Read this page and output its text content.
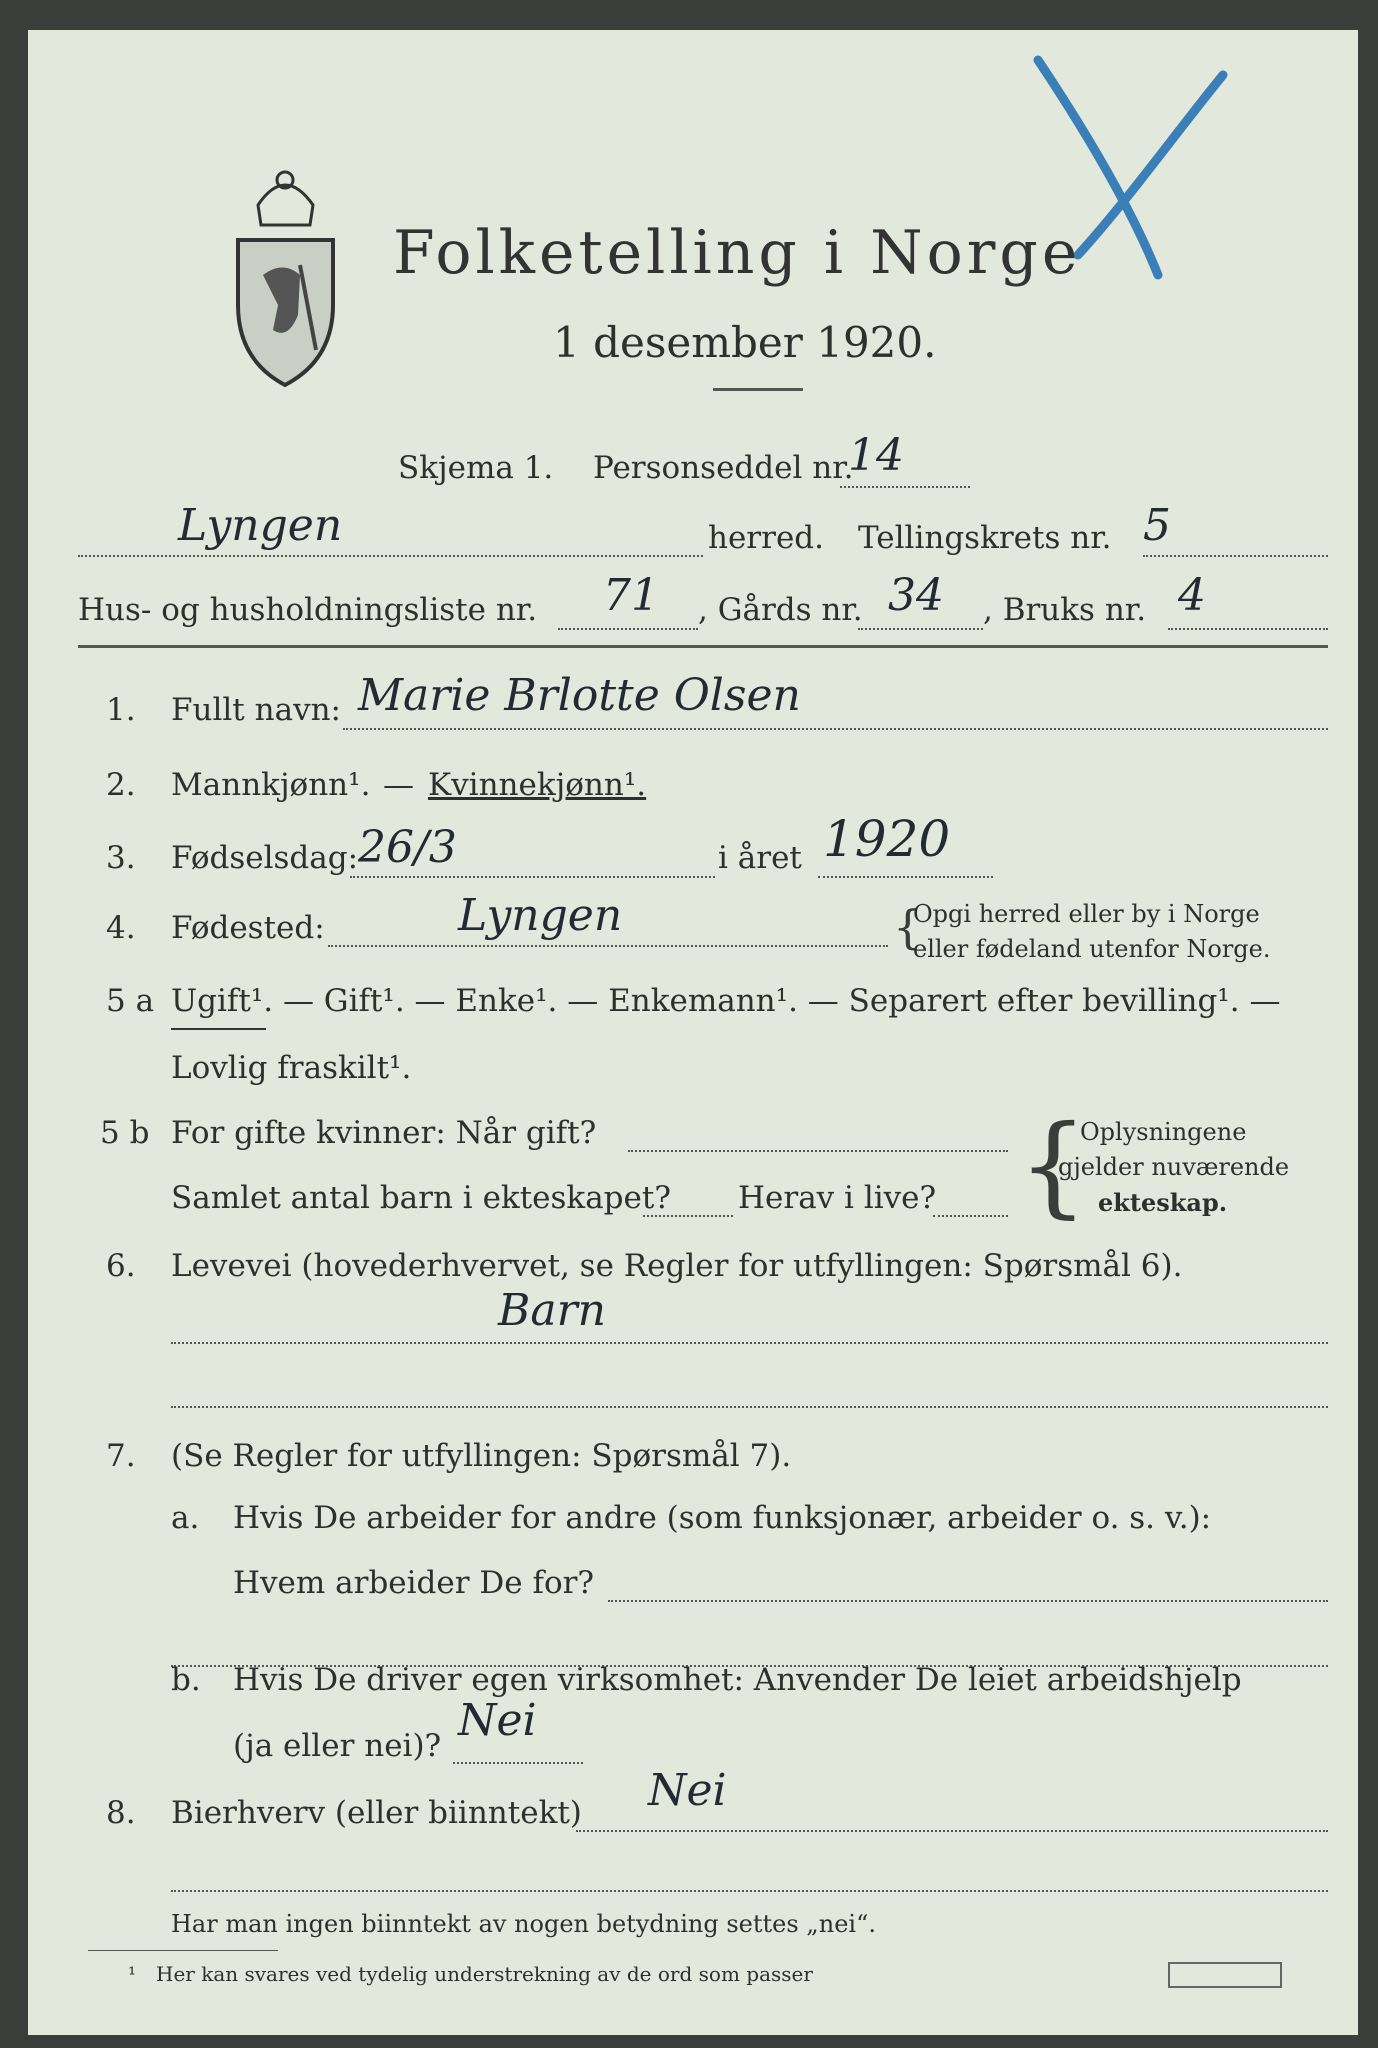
Folketelling i Norge
1 desember 1920.
Skjema 1. Personseddel nr.
14
Lyngen	herred. Tellingskrets nr. 5
Hus- og husholdningsliste nr. 71 , Gårds nr. 34 , Bruks nr. 4
1. Fullt navn: Marie Brlotte Olsen
2. Mannkjønn¹. — Kvinnekjønn¹.
3. Fødselsdag: 26/3	i året 1920
4. Fødested:	Lyngen	{
Opgi herred eller by i Norge
eller fødeland utenfor Norge.
5 a Ugift¹. — Gift¹. — Enke¹. — Enkemann¹. — Separert efter bevilling¹. —
Lovlig fraskilt¹.
5 b For gifte kvinner: Når gift?
Samlet antal barn i ekteskapet? Herav i live? {
Oplysningene
gjelder nuværende
ekteskap.
6. Levevei (hovederhvervet, se Regler for utfyllingen: Spørsmål 6).
Barn
7. (Se Regler for utfyllingen: Spørsmål 7).
a. Hvis De arbeider for andre (som funksjonær, arbeider o. s. v.):
Hvem arbeider De for?
b. Hvis De driver egen virksomhet: Anvender De leiet arbeidshjelp
(ja eller nei)? Nei
8. Bierhverv (eller biinntekt) Nei
Har man ingen biinntekt av nogen betydning settes „nei“.
¹ Her kan svares ved tydelig understrekning av de ord som passer
